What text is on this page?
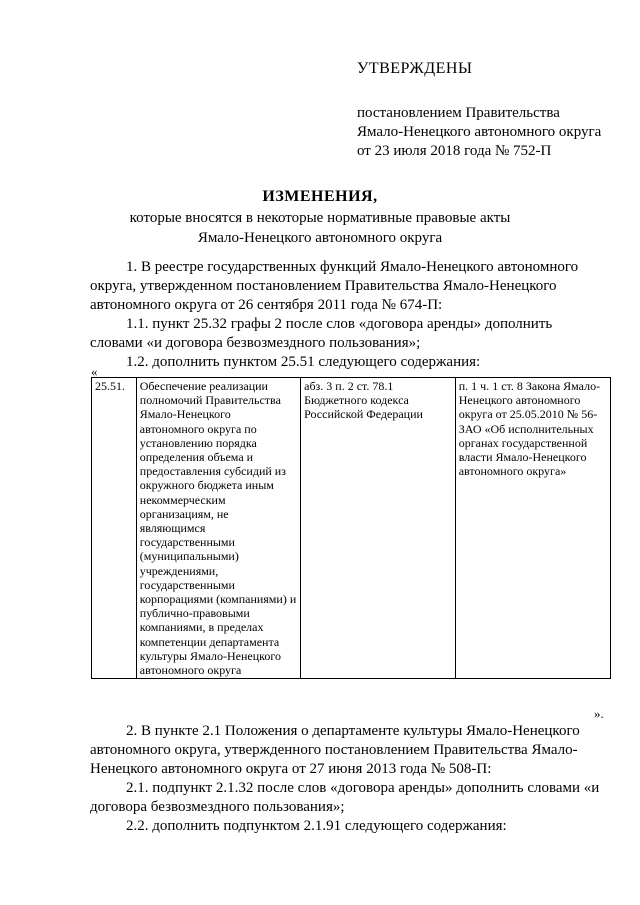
УТВЕРЖДЕНЫ
постановлением Правительства
Ямало-Ненецкого автономного округа
от 23 июля 2018 года № 752-П
ИЗМЕНЕНИЯ,
которые вносятся в некоторые нормативные правовые акты
Ямало-Ненецкого автономного округа
1. В реестре государственных функций Ямало-Ненецкого автономного
округа, утвержденном постановлением Правительства Ямало-Ненецкого
автономного округа от 26 сентября 2011 года № 674-П:
1.1. пункт 25.32 графы 2 после слов «договора аренды» дополнить
словами «и договора безвозмездного пользования»;
1.2. дополнить пунктом 25.51 следующего содержания:
«
25.51.	Обеспечение реализации полномочий Правительства Ямало-Ненецкого автономного округа по установлению порядка определения объема и предоставления субсидий из окружного бюджета иным некоммерческим организациям, не являющимся государственными (муниципальными) учреждениями, государственными корпорациями (компаниями) и публично-правовыми компаниями, в пределах компетенции департамента культуры Ямало-Ненецкого автономного округа	абз. 3 п. 2 ст. 78.1 Бюджетного кодекса Российской Федерации	п. 1 ч. 1 ст. 8 Закона Ямало-Ненецкого автономного округа от 25.05.2010 № 56-ЗАО «Об исполнительных органах государственной власти Ямало-Ненецкого автономного округа»
».
2. В пункте 2.1 Положения о департаменте культуры Ямало-Ненецкого
автономного округа, утвержденного постановлением Правительства Ямало-
Ненецкого автономного округа от 27 июня 2013 года № 508-П:
2.1. подпункт 2.1.32 после слов «договора аренды» дополнить словами «и
договора безвозмездного пользования»;
2.2. дополнить подпунктом 2.1.91 следующего содержания:
